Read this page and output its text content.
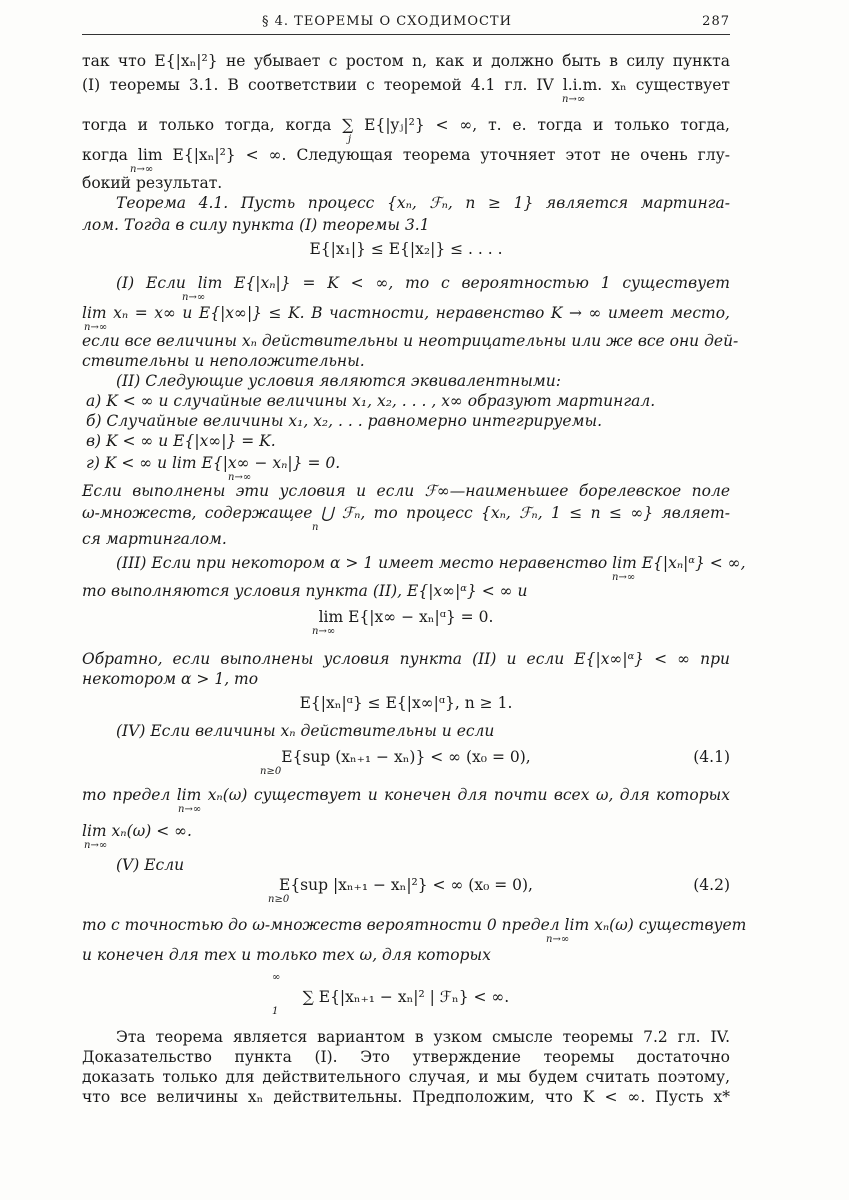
§ 4. ТЕОРЕМЫ О СХОДИМОСТИ	287
так что E{|xₙ|²} не убывает с ростом n, как и должно быть в силу пункта
(I) теоремы 3.1. В соответствии с теоремой 4.1 гл. IV l.i.m. xₙ существует
n→∞
тогда и только тогда, когда ∑ E{|yⱼ|²} < ∞, т. е. тогда и только тогда,
j
когда lim E{|xₙ|²} < ∞. Следующая теорема уточняет этот не очень глу-
n→∞
бокий результат.
Теорема 4.1. Пусть процесс {xₙ, ℱₙ, n ≥ 1} является мартинга-
лом. Тогда в силу пункта (I) теоремы 3.1
E{|x₁|} ≤ E{|x₂|} ≤ . . . .
(I) Если lim E{|xₙ|} = K < ∞, то с вероятностью 1 существует
n→∞
lim xₙ = x∞ и E{|x∞|} ≤ K. В частности, неравенство K → ∞ имеет место,
n→∞
если все величины xₙ действительны и неотрицательны или же все они дей-
ствительны и неположительны.
(II) Следующие условия являются эквивалентными:
а) K < ∞ и случайные величины x₁, x₂, . . . , x∞ образуют мартингал.
б) Случайные величины x₁, x₂, . . . равномерно интегрируемы.
в) K < ∞ и E{|x∞|} = K.
г) K < ∞ и lim E{|x∞ − xₙ|} = 0.
n→∞
Если выполнены эти условия и если ℱ∞—наименьшее борелевское поле
ω-множеств, содержащее ⋃ ℱₙ, то процесс {xₙ, ℱₙ, 1 ≤ n ≤ ∞} являет-
n
ся мартингалом.
(III) Если при некотором α > 1 имеет место неравенство lim E{|xₙ|ᵅ} < ∞,
n→∞
то выполняются условия пункта (II), E{|x∞|ᵅ} < ∞ и
lim E{|x∞ − xₙ|ᵅ} = 0.
n→∞
Обратно, если выполнены условия пункта (II) и если E{|x∞|ᵅ} < ∞ при
некотором α > 1, то
E{|xₙ|ᵅ} ≤ E{|x∞|ᵅ}, n ≥ 1.
(IV) Если величины xₙ действительны и если
E{sup (xₙ₊₁ − xₙ)} < ∞ (x₀ = 0),	(4.1)
n≥0
то предел lim xₙ(ω) существует и конечен для почти всех ω, для которых
n→∞
lim xₙ(ω) < ∞.
n→∞
(V) Если
E{sup |xₙ₊₁ − xₙ|²} < ∞ (x₀ = 0),	(4.2)
n≥0
то с точностью до ω-множеств вероятности 0 предел lim xₙ(ω) существует
n→∞
и конечен для тех и только тех ω, для которых
∞
∑ E{|xₙ₊₁ − xₙ|² | ℱₙ} < ∞.
1
Эта теорема является вариантом в узком смысле теоремы 7.2 гл. IV.
Доказательство пункта (I). Это утверждение теоремы достаточно
доказать только для действительного случая, и мы будем считать поэтому,
что все величины xₙ действительны. Предположим, что K < ∞. Пусть x*
